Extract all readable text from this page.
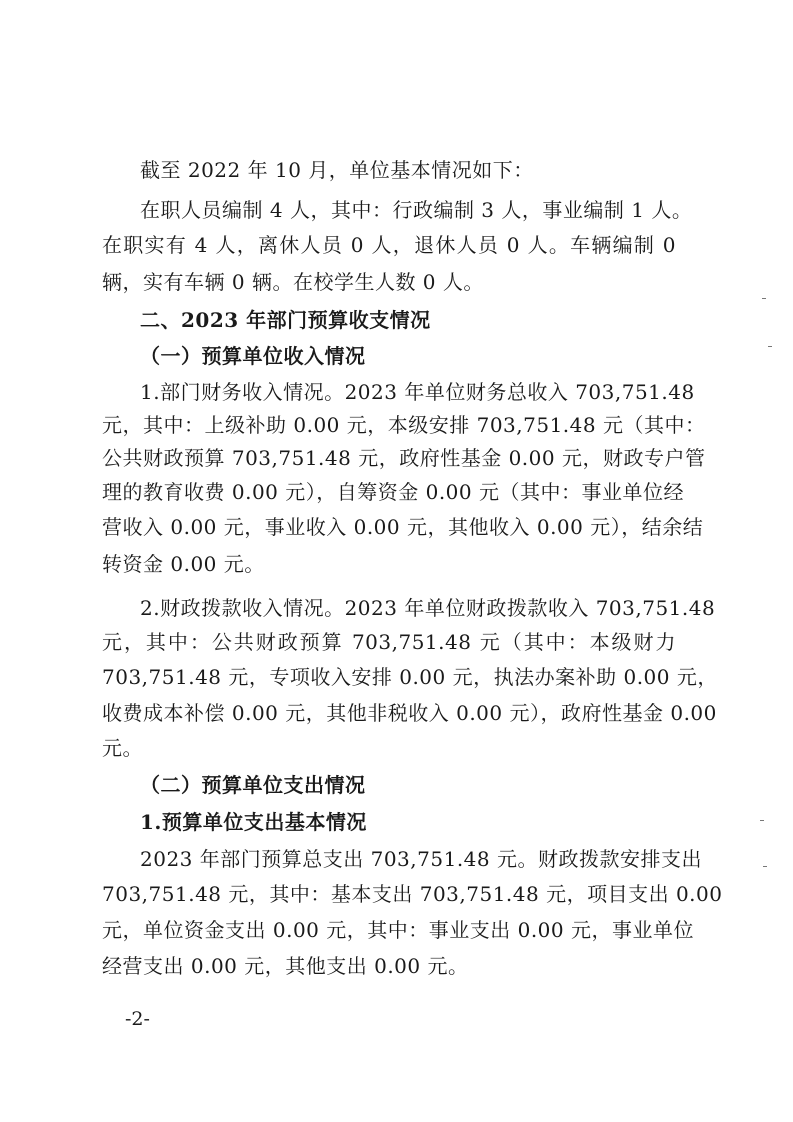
截至 2022 年 10 月，单位基本情况如下：
在职人员编制 4 人，其中：行政编制 3 人，事业编制 1 人。
在职实有 4 人，离休人员 0 人，退休人员 0 人。车辆编制 0
辆，实有车辆 0 辆。在校学生人数 0 人。
二、2023 年部门预算收支情况
（一）预算单位收入情况
1.部门财务收入情况。2023 年单位财务总收入 703,751.48
元，其中：上级补助 0.00 元，本级安排 703,751.48 元（其中：
公共财政预算 703,751.48 元，政府性基金 0.00 元，财政专户管
理的教育收费 0.00 元），自筹资金 0.00 元（其中：事业单位经
营收入 0.00 元，事业收入 0.00 元，其他收入 0.00 元），结余结
转资金 0.00 元。
2.财政拨款收入情况。2023 年单位财政拨款收入 703,751.48
元，其中：公共财政预算 703,751.48 元（其中：本级财力
703,751.48 元，专项收入安排 0.00 元，执法办案补助 0.00 元，
收费成本补偿 0.00 元，其他非税收入 0.00 元），政府性基金 0.00
元。
（二）预算单位支出情况
1.预算单位支出基本情况
2023 年部门预算总支出 703,751.48 元。财政拨款安排支出
703,751.48 元，其中：基本支出 703,751.48 元，项目支出 0.00
元，单位资金支出 0.00 元，其中：事业支出 0.00 元，事业单位
经营支出 0.00 元，其他支出 0.00 元。
-2-
